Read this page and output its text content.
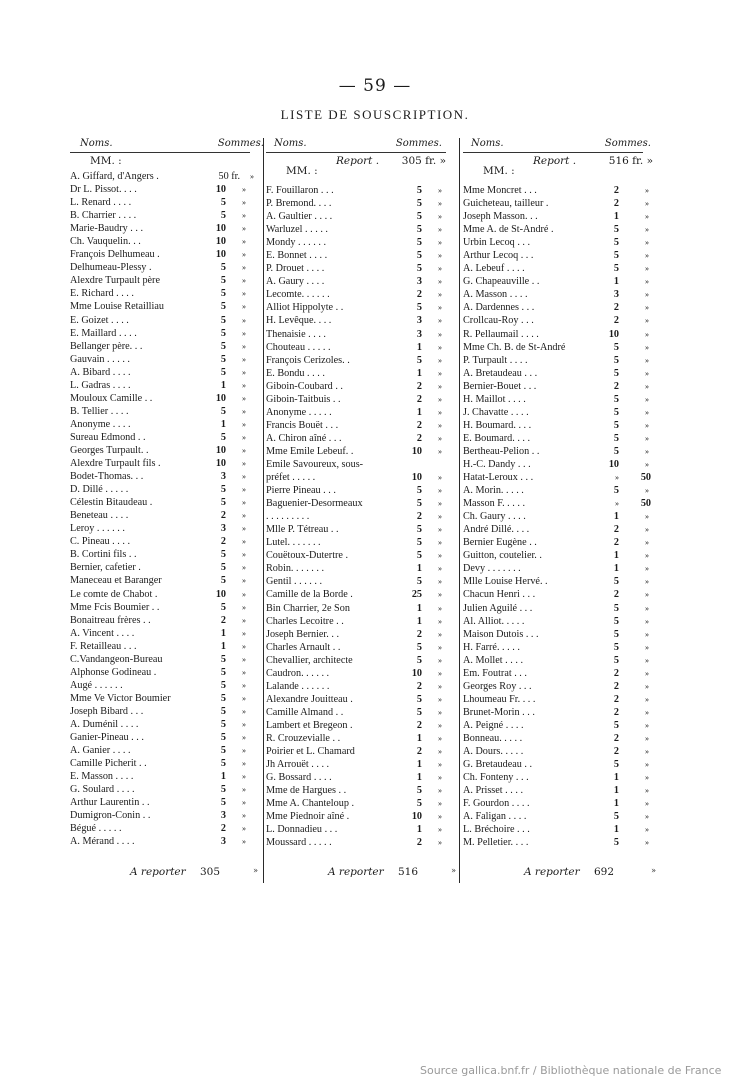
— 59 —
LISTE DE SOUSCRIPTION.
Noms.	Sommes.
MM. :
A. Giffard, d'Angers .	50 fr. »
Dr L. Pissot. . . .	10 »
L. Renard . . . .	5 »
B. Charrier . . . .	5 »
Marie-Baudry . . .	10 »
Ch. Vauquelin. . .	10 »
François Delhumeau .	10 »
Delhumeau-Plessy .	5 »
Alexdre Turpault père	5 »
E. Richard . . . .	5 »
Mme Louise Retailliau	5 »
E. Goizet . . . .	5 »
E. Maillard . . . .	5 »
Bellanger père. . .	5 »
Gauvain . . . . .	5 »
A. Bibard . . . .	5 »
L. Gadras . . . .	1 »
Mouloux Camille . .	10 »
B. Tellier . . . .	5 »
Anonyme . . . .	1 »
Sureau Edmond . .	5 »
Georges Turpault. .	10 »
Alexdre Turpault fils .	10 »
Bodet-Thomas. . .	3 »
D. Dillé . . . . .	5 »
Célestin Bitaudeau .	5 »
Beneteau . . . .	2 »
Leroy . . . . . .	3 »
C. Pineau . . . .	2 »
B. Cortini fils . .	5 »
Bernier, cafetier .	5 »
Maneceau et Baranger	5 »
Le comte de Chabot .	10 »
Mme Fcis Boumier . .	5 »
Bonaitreau frères . .	2 »
A. Vincent . . . .	1 »
F. Retailleau . . .	1 »
C.Vandangeon-Bureau	5 »
Alphonse Godineau .	5 »
Augé . . . . . .	5 »
Mme Ve Victor Boumier	5 »
Joseph Bibard . . .	5 »
A. Duménil . . . .	5 »
Ganier-Pineau . . .	5 »
A. Ganier . . . .	5 »
Camille Picherit . .	5 »
E. Masson . . . .	1 »
G. Soulard . . . .	5 »
Arthur Laurentin . .	5 »
Dumigron-Conin . .	3 »
Bégué . . . . .	2 »
A. Mérand . . . .	3 »
Noms.	Sommes.
MM. :
Report . 305 fr. »
F. Fouillaron . . .	5 »
P. Bremond. . . .	5 »
A. Gaultier . . . .	5 »
Warluzel . . . . .	5 »
Mondy . . . . . .	5 »
E. Bonnet . . . .	5 »
P. Drouet . . . .	5 »
A. Gaury . . . .	3 »
Lecomte. . . . . .	2 »
Alliot Hippolyte . .	5 »
H. Levêque. . . .	3 »
Thenaisie . . . .	3 »
Chouteau . . . . .	1 »
François Cerizoles. .	5 »
E. Bondu . . . .	1 »
Giboin-Coubard . .	2 »
Giboin-Taitbuis . .	2 »
Anonyme . . . . .	1 »
Francis Bouët . . .	2 »
A. Chiron aîné . . .	2 »
Mme Emile Lebeuf. .	10 »
Emile Savoureux, sous-
préfet . . . . .	10 »
Pierre Pineau . . .	5 »
Baguenier-Desormeaux	5 »
. . . . . . . . .	2 »
Mlle P. Tétreau . .	5 »
Lutel. . . . . . .	5 »
Couëtoux-Dutertre .	5 »
Robin. . . . . . .	1 »
Gentil . . . . . .	5 »
Camille de la Borde .	25 »
Bin Charrier, 2e Son	1 »
Charles Lecoitre . .	1 »
Joseph Bernier. . .	2 »
Charles Arnault . .	5 »
Chevallier, architecte	5 »
Caudron. . . . . .	10 »
Lalande . . . . . .	2 »
Alexandre Jouitteau .	5 »
Camille Almand . .	5 »
Lambert et Bregeon .	2 »
R. Crouzevialle . .	1 »
Poirier et L. Chamard	2 »
Jh Arrouët . . . .	1 »
G. Bossard . . . .	1 »
Mme de Hargues . .	5 »
Mme A. Chanteloup .	5 »
Mme Piednoir aîné .	10 »
L. Donnadieu . . .	1 »
Moussard . . . . .	2 »
Noms.	Sommes.
MM. :
Report .	516 fr. »
Mme Moncret . . .	2	»
Guicheteau, tailleur .	2	»
Joseph Masson. . .	1	»
Mme A. de St-André .	5	»
Urbin Lecoq . . .	5	»
Arthur Lecoq . . .	5	»
A. Lebeuf . . . .	5	»
G. Chapeauville . .	1	»
A. Masson . . . .	3	»
A. Dardennes . . .	2	»
Crollcau-Roy . . .	2	»
R. Pellaumail . . . .	10	»
Mme Ch. B. de St-André	5	»
P. Turpault . . . .	5	»
A. Bretaudeau . . .	5	»
Bernier-Bouet . . .	2	»
H. Maillot . . . .	5	»
J. Chavatte . . . .	5	»
H. Boumard. . . .	5	»
E. Boumard. . . .	5	»
Bertheau-Pelion . .	5	»
H.-C. Dandy . . .	10	»
Hatat-Leroux . . .	» 50
A. Morin. . . . .	5	»
Masson F. . . . .	» 50
Ch. Gaury . . . .	1	»
André Dillé. . . .	2	»
Bernier Eugène . .	2	»
Guitton, coutelier. .	1	»
Devy . . . . . . .	1	»
Mlle Louise Hervé. .	5	»
Chacun Henri . . .	2	»
Julien Aguilé . . .	5	»
Al. Alliot. . . . .	5	»
Maison Dutois . . .	5	»
H. Farré. . . . .	5	»
A. Mollet . . . .	5	»
Em. Foutrat . . .	2	»
Georges Roy . . .	2	»
Lhoumeau Fr. . . .	2	»
Brunet-Morin . . .	2	»
A. Peigné . . . .	5	»
Bonneau. . . . .	2	»
A. Dours. . . . .	2	»
G. Bretaudeau . .	5	»
Ch. Fonteny . . .	1	»
A. Prisset . . . .	1	»
F. Gourdon . . . .	1	»
A. Faligan . . . .	5	»
L. Bréchoire . . .	1	»
M. Pelletier. . . .	5	»
A reporter 305	»	A reporter 516	»	A reporter 692	»
Source gallica.bnf.fr / Bibliothèque nationale de France
